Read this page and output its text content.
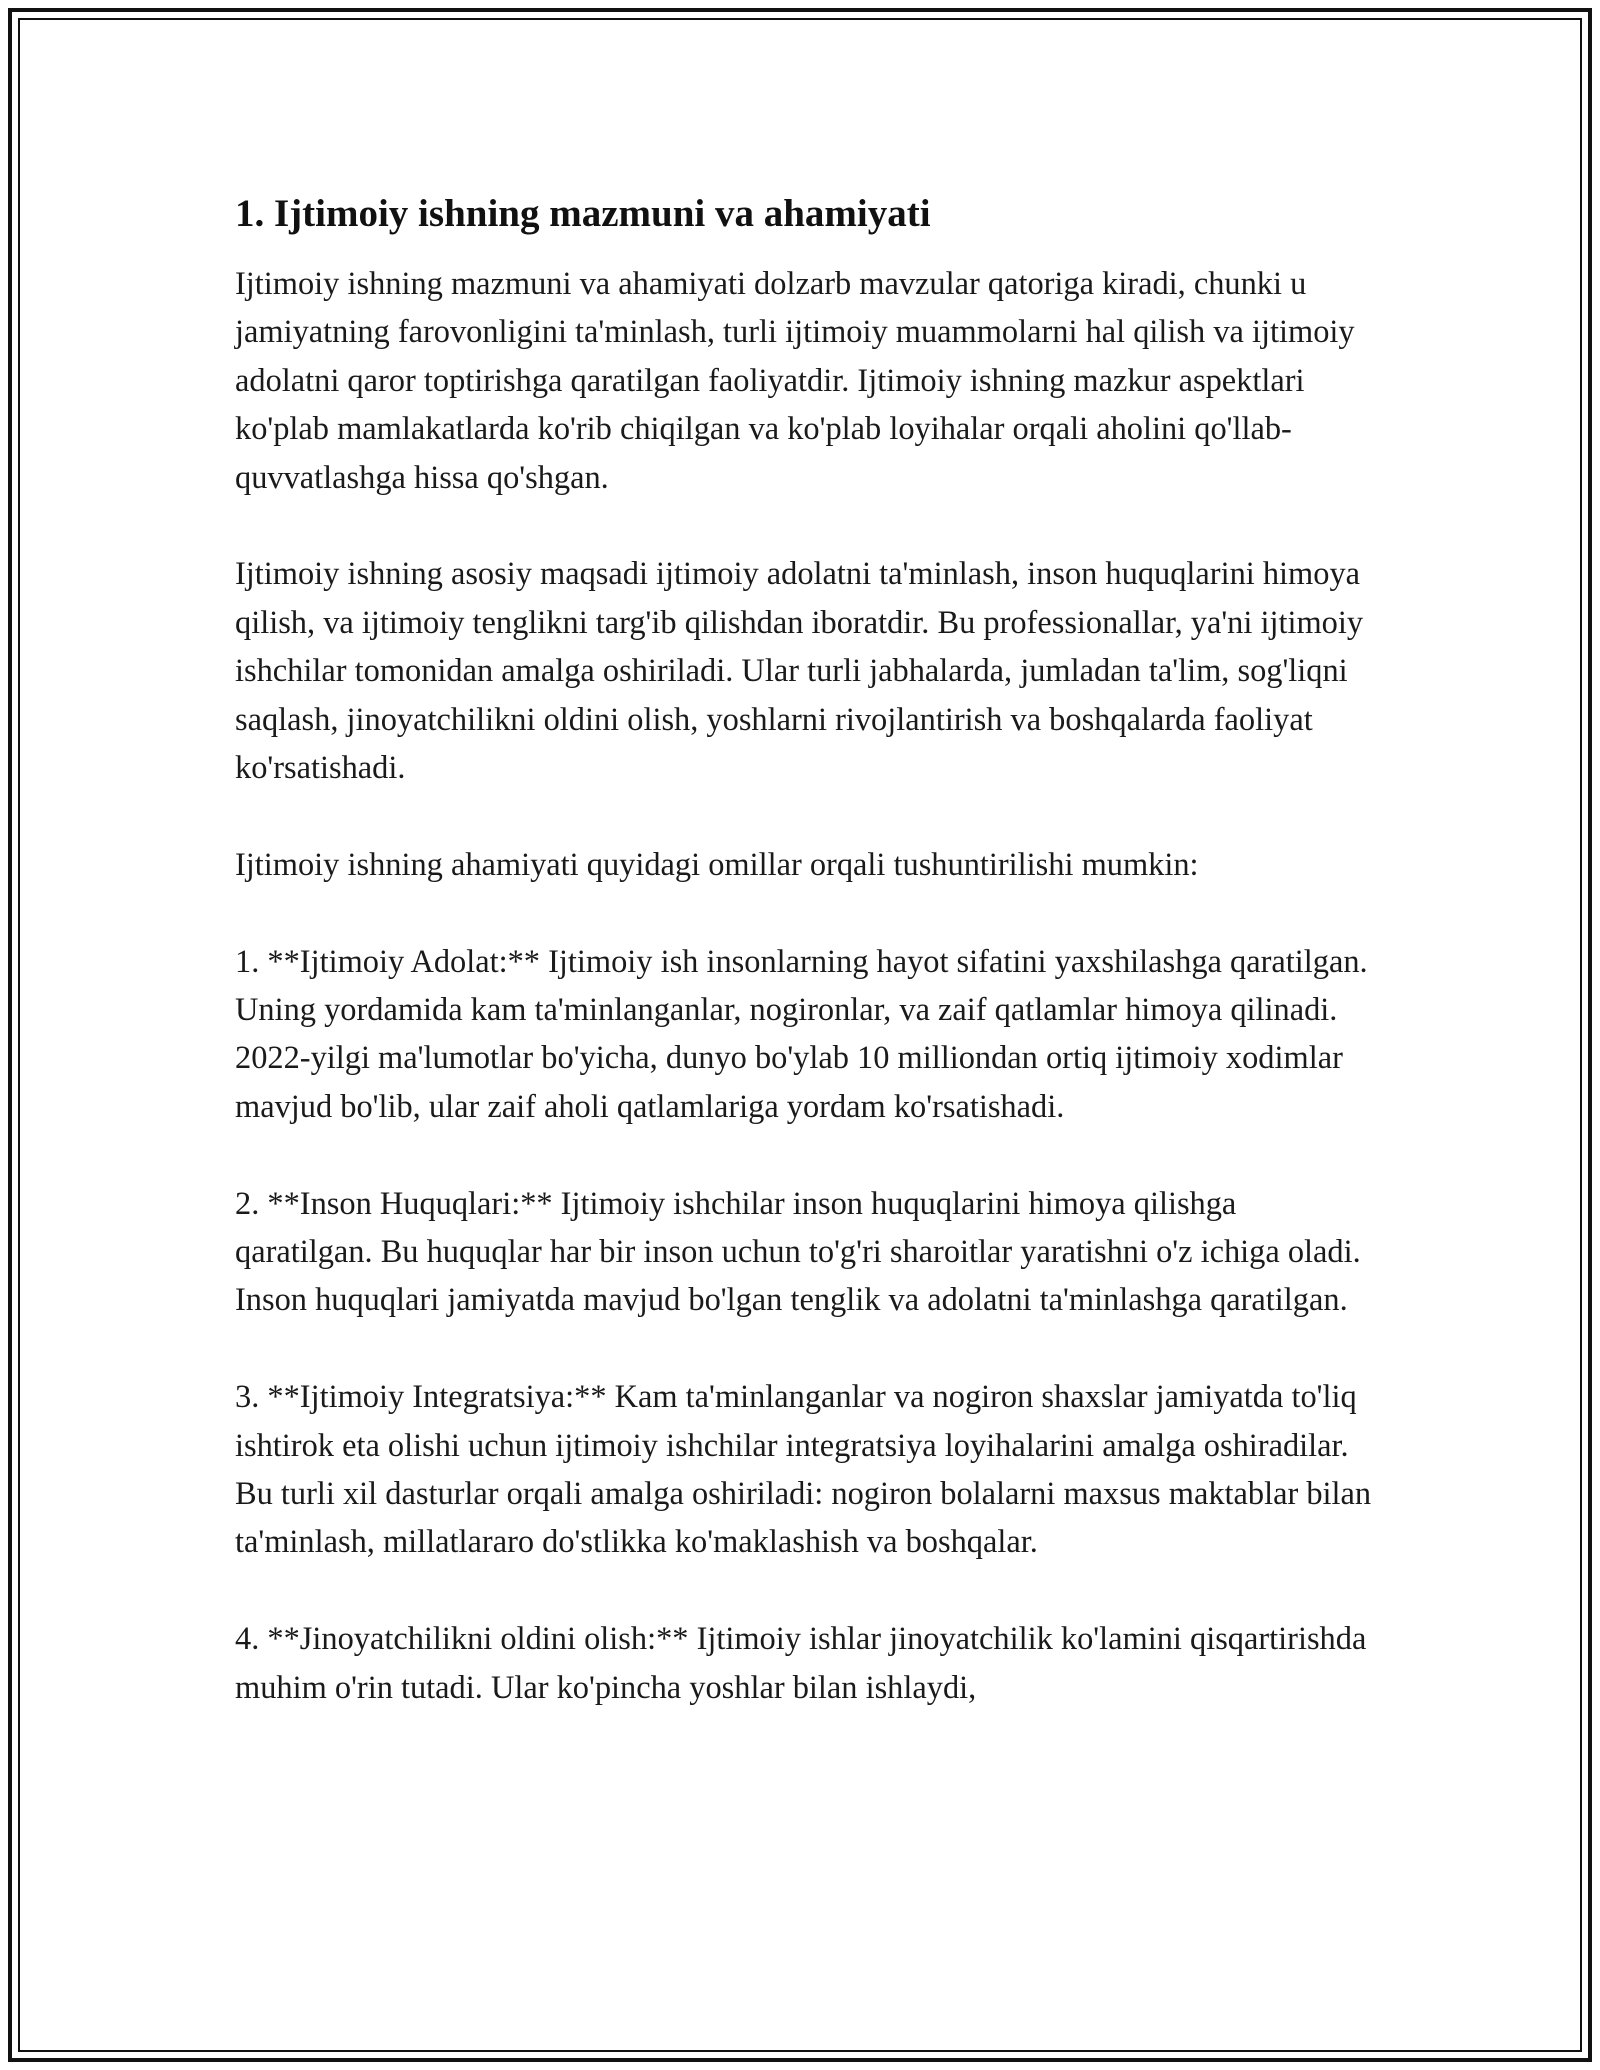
1. Ijtimoiy ishning mazmuni va ahamiyati

Ijtimoiy ishning mazmuni va ahamiyati dolzarb mavzular qatoriga kiradi, chunki u jamiyatning farovonligini ta'minlash, turli ijtimoiy muammolarni hal qilish va ijtimoiy adolatni qaror toptirishga qaratilgan faoliyatdir. Ijtimoiy ishning mazkur aspektlari ko'plab mamlakatlarda ko'rib chiqilgan va ko'plab loyihalar orqali aholini qo'llab-quvvatlashga hissa qo'shgan.

Ijtimoiy ishning asosiy maqsadi ijtimoiy adolatni ta'minlash, inson huquqlarini himoya qilish, va ijtimoiy tenglikni targ'ib qilishdan iboratdir. Bu professionallar, ya'ni ijtimoiy ishchilar tomonidan amalga oshiriladi. Ular turli jabhalarda, jumladan ta'lim, sog'liqni saqlash, jinoyatchilikni oldini olish, yoshlarni rivojlantirish va boshqalarda faoliyat ko'rsatishadi.

Ijtimoiy ishning ahamiyati quyidagi omillar orqali tushuntirilishi mumkin:

1. **Ijtimoiy Adolat:** Ijtimoiy ish insonlarning hayot sifatini yaxshilashga qaratilgan. Uning yordamida kam ta'minlanganlar, nogironlar, va zaif qatlamlar himoya qilinadi. 2022-yilgi ma'lumotlar bo'yicha, dunyo bo'ylab 10 milliondan ortiq ijtimoiy xodimlar mavjud bo'lib, ular zaif aholi qatlamlariga yordam ko'rsatishadi.

2. **Inson Huquqlari:** Ijtimoiy ishchilar inson huquqlarini himoya qilishga qaratilgan. Bu huquqlar har bir inson uchun to'g'ri sharoitlar yaratishni o'z ichiga oladi. Inson huquqlari jamiyatda mavjud bo'lgan tenglik va adolatni ta'minlashga qaratilgan.

3. **Ijtimoiy Integratsiya:** Kam ta'minlanganlar va nogiron shaxslar jamiyatda to'liq ishtirok eta olishi uchun ijtimoiy ishchilar integratsiya loyihalarini amalga oshiradilar. Bu turli xil dasturlar orqali amalga oshiriladi: nogiron bolalarni maxsus maktablar bilan ta'minlash, millatlararo do'stlikka ko'maklashish va boshqalar.

4. **Jinoyatchilikni oldini olish:** Ijtimoiy ishlar jinoyatchilik ko'lamini qisqartirishda muhim o'rin tutadi. Ular ko'pincha yoshlar bilan ishlaydi,
